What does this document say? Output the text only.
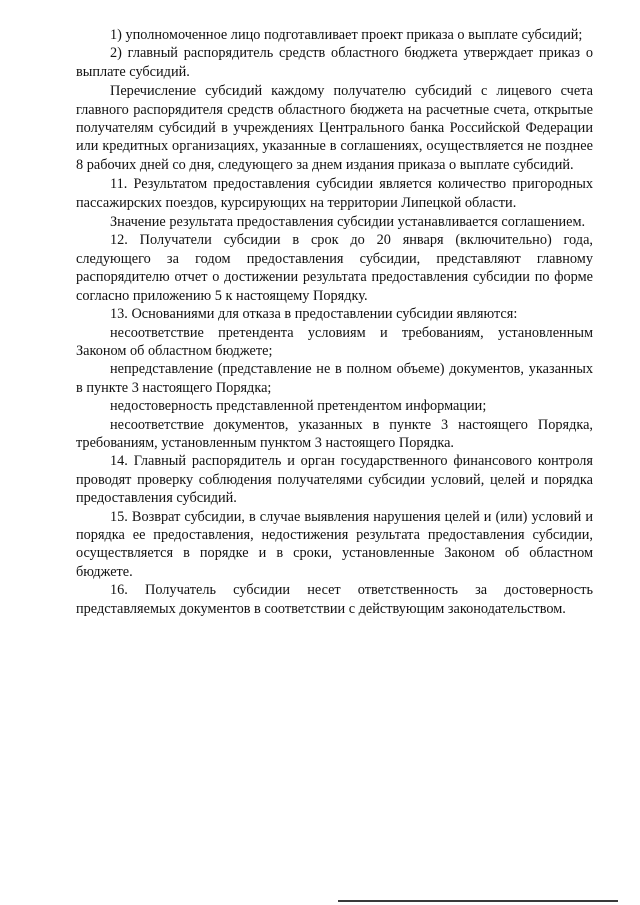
1) уполномоченное лицо подготавливает проект приказа о выплате субсидий;

2) главный распорядитель средств областного бюджета утверждает приказ о выплате субсидий.

Перечисление субсидий каждому получателю субсидий с лицевого счета главного распорядителя средств областного бюджета на расчетные счета, открытые получателям субсидий в учреждениях Центрального банка Российской Федерации или кредитных организациях, указанные в соглашениях, осуществляется не позднее 8 рабочих дней со дня, следующего за днем издания приказа о выплате субсидий.

11. Результатом предоставления субсидии является количество пригородных пассажирских поездов, курсирующих на территории Липецкой области.

Значение результата предоставления субсидии устанавливается соглашением.

12. Получатели субсидии в срок до 20 января (включительно) года, следующего за годом предоставления субсидии, представляют главному распорядителю отчет о достижении результата предоставления субсидии по форме согласно приложению 5 к настоящему Порядку.

13. Основаниями для отказа в предоставлении субсидии являются:

несоответствие претендента условиям и требованиям, установленным Законом об областном бюджете;

непредставление (представление не в полном объеме) документов, указанных в пункте 3 настоящего Порядка;

недостоверность представленной претендентом информации;

несоответствие документов, указанных в пункте 3 настоящего Порядка, требованиям, установленным пунктом 3 настоящего Порядка.

14. Главный распорядитель и орган государственного финансового контроля проводят проверку соблюдения получателями субсидии условий, целей и порядка предоставления субсидий.

15. Возврат субсидии, в случае выявления нарушения целей и (или) условий и порядка ее предоставления, недостижения результата предоставления субсидии, осуществляется в порядке и в сроки, установленные Законом об областном бюджете.

16. Получатель субсидии несет ответственность за достоверность представляемых документов в соответствии с действующим законодательством.
